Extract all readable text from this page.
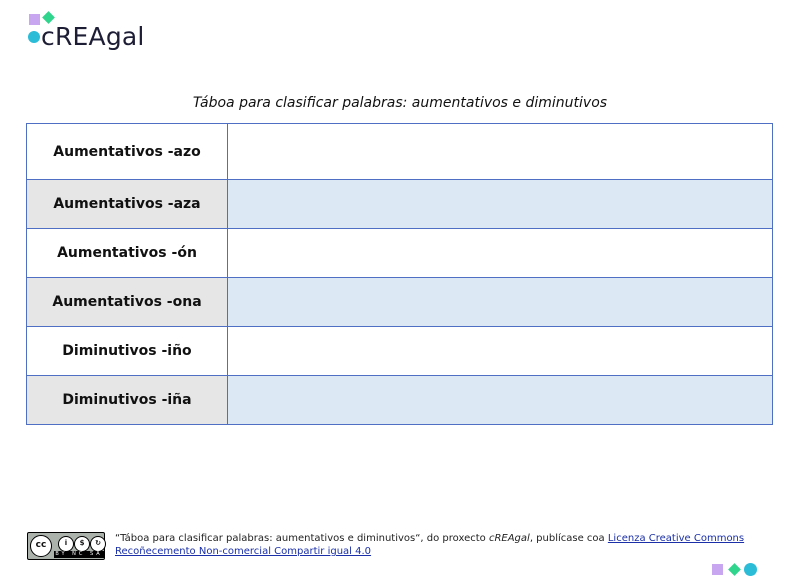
cREAgal
Táboa para clasificar palabras: aumentativos e diminutivos
Aumentativos -azo	
Aumentativos -aza	
Aumentativos -ón	
Aumentativos -ona	
Diminutivos -iño	
Diminutivos -iña	
cc	i	$	↻
BY NC SA
“Táboa para clasificar palabras: aumentativos e diminutivos“, do proxecto cREAgal, publícase coa Licenza Creative Commons Recoñecemento Non-comercial Compartir igual 4.0
